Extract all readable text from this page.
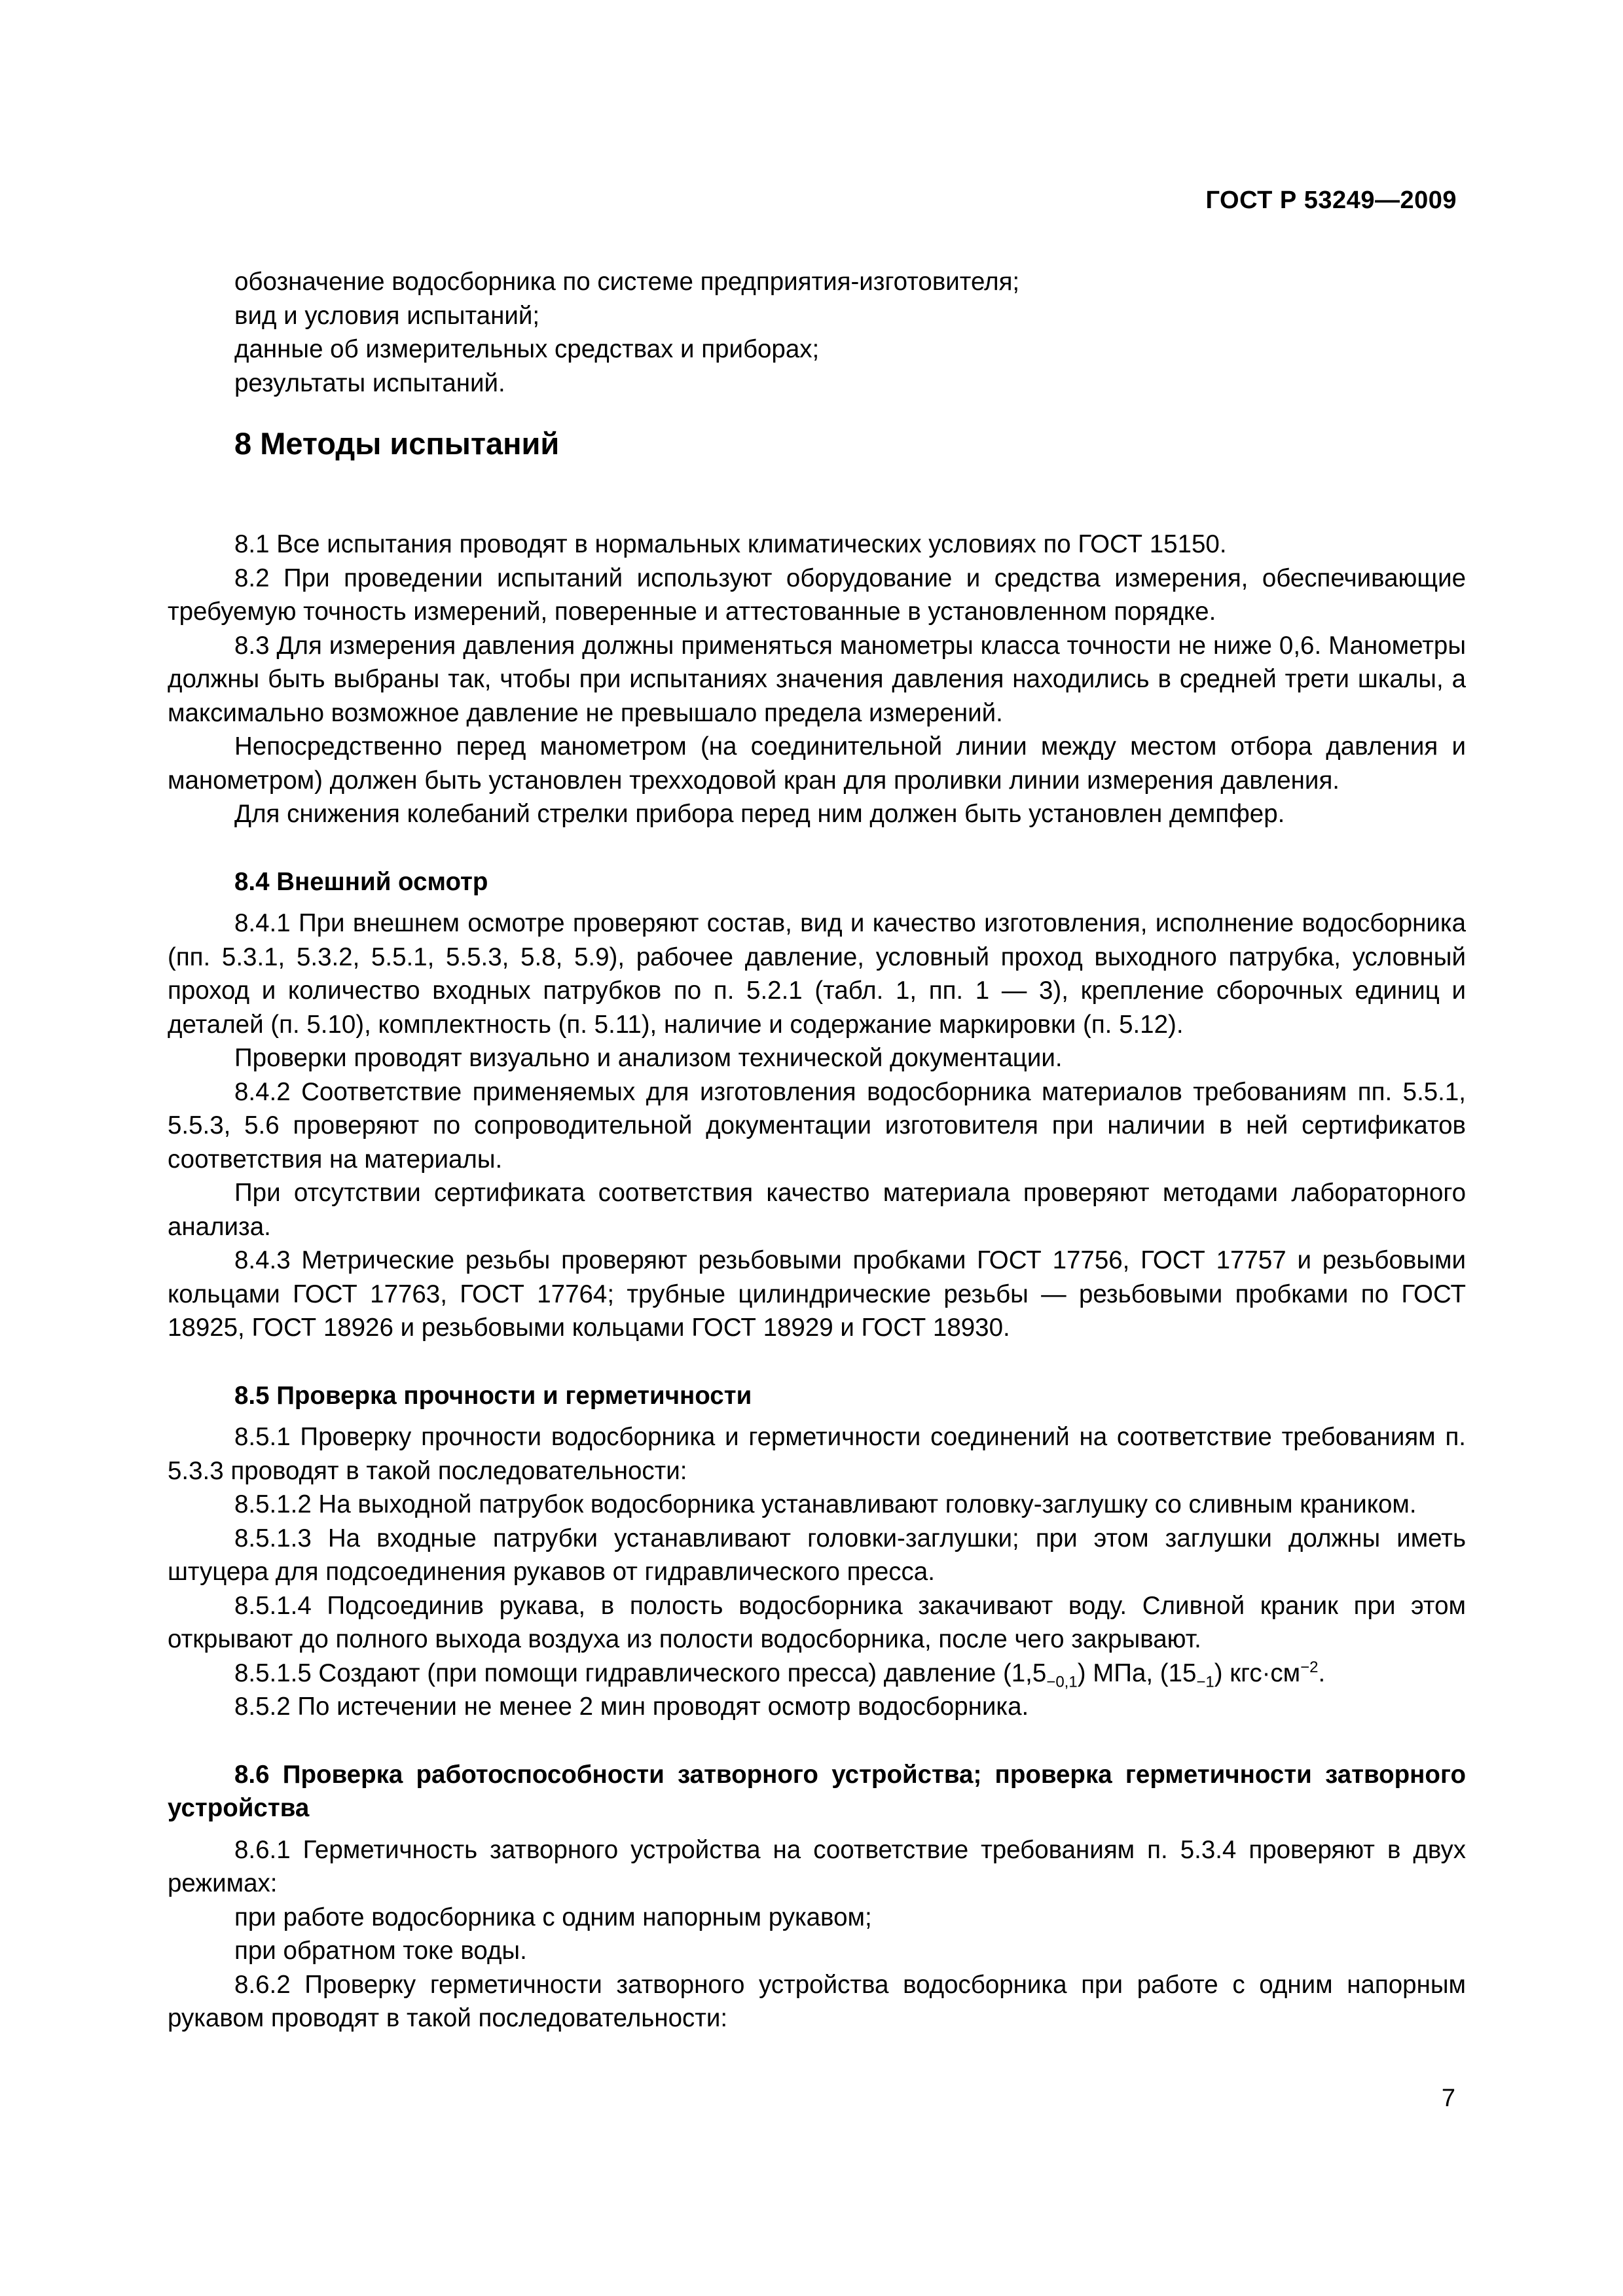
ГОСТ Р 53249—2009

обозначение водосборника по системе предприятия-изготовителя;

вид и условия испытаний;

данные об измерительных средствах и приборах;

результаты испытаний.

8 Методы испытаний

8.1 Все испытания проводят в нормальных климатических условиях по ГОСТ 15150.

8.2 При проведении испытаний используют оборудование и средства измерения, обеспечивающие требуемую точность измерений, поверенные и аттестованные в установленном порядке.

8.3 Для измерения давления должны применяться манометры класса точности не ниже 0,6. Манометры должны быть выбраны так, чтобы при испытаниях значения давления находились в средней трети шкалы, а максимально возможное давление не превышало предела измерений.

Непосредственно перед манометром (на соединительной линии между местом отбора давления и манометром) должен быть установлен трехходовой кран для проливки линии измерения давления.

Для снижения колебаний стрелки прибора перед ним должен быть установлен демпфер.

8.4 Внешний осмотр

8.4.1 При внешнем осмотре проверяют состав, вид и качество изготовления, исполнение водосборника (пп. 5.3.1, 5.3.2, 5.5.1, 5.5.3, 5.8, 5.9), рабочее давление, условный проход выходного патрубка, условный проход и количество входных патрубков по п. 5.2.1 (табл. 1, пп. 1 — 3), крепление сборочных единиц и деталей (п. 5.10), комплектность (п. 5.11), наличие и содержание маркировки (п. 5.12).

Проверки проводят визуально и анализом технической документации.

8.4.2 Соответствие применяемых для изготовления водосборника материалов требованиям пп. 5.5.1, 5.5.3, 5.6 проверяют по сопроводительной документации изготовителя при наличии в ней сертификатов соответствия на материалы.

При отсутствии сертификата соответствия качество материала проверяют методами лабораторного анализа.

8.4.3 Метрические резьбы проверяют резьбовыми пробками ГОСТ 17756, ГОСТ 17757 и резьбовыми кольцами ГОСТ 17763, ГОСТ 17764; трубные цилиндрические резьбы — резьбовыми пробками по ГОСТ 18925, ГОСТ 18926 и резьбовыми кольцами ГОСТ 18929 и ГОСТ 18930.

8.5 Проверка прочности и герметичности

8.5.1 Проверку прочности водосборника и герметичности соединений на соответствие требованиям п. 5.3.3 проводят в такой последовательности:

8.5.1.2 На выходной патрубок водосборника устанавливают головку-заглушку со сливным краником.

8.5.1.3 На входные патрубки устанавливают головки-заглушки; при этом заглушки должны иметь штуцера для подсоединения рукавов от гидравлического пресса.

8.5.1.4 Подсоединив рукава, в полость водосборника закачивают воду. Сливной краник при этом открывают до полного выхода воздуха из полости водосборника, после чего закрывают.

8.5.1.5 Создают (при помощи гидравлического пресса) давление $(1,5_{-0,1})$ МПа, $(15_{-1})$ $кгс\cdot см^{-2}$.

8.5.2 По истечении не менее 2 мин проводят осмотр водосборника.

8.6 Проверка работоспособности затворного устройства; проверка герметичности затворного устройства

8.6.1 Герметичность затворного устройства на соответствие требованиям п. 5.3.4 проверяют в двух режимах:

при работе водосборника с одним напорным рукавом;

при обратном токе воды.

8.6.2 Проверку герметичности затворного устройства водосборника при работе с одним напорным рукавом проводят в такой последовательности:

7
